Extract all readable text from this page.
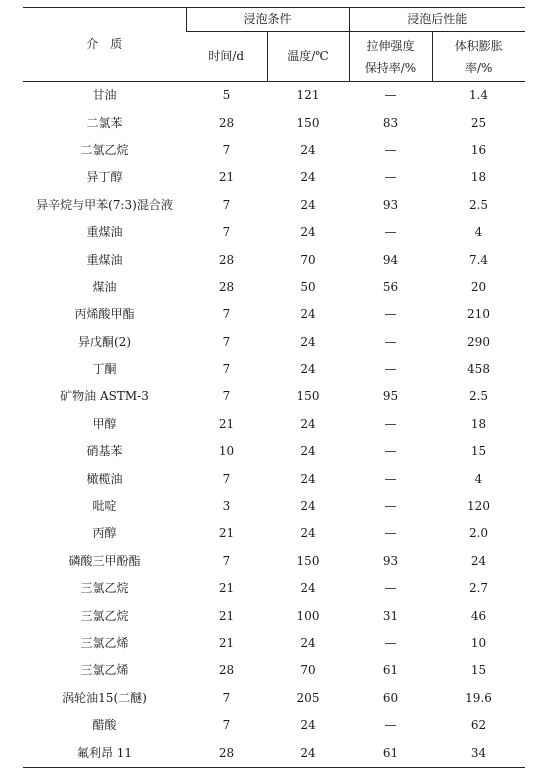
介　质	浸泡条件		浸泡后性能	
	时间/d	温度/℃	拉伸强度保持率/%	体积膨胀率/%
甘油	5	121	—	1.4
二氯苯	28	150	83	25
二氯乙烷	7	24	—	16
异丁醇	21	24	—	18
异辛烷与甲苯(7:3)混合液	7	24	93	2.5
重煤油	7	24	—	4
重煤油	28	70	94	7.4
煤油	28	50	56	20
丙烯酸甲酯	7	24	—	210
异戊酮(2)	7	24	—	290
丁酮	7	24	—	458
矿物油 ASTM-3	7	150	95	2.5
甲醇	21	24	—	18
硝基苯	10	24	—	15
橄榄油	7	24	—	4
吡啶	3	24	—	120
丙醇	21	24	—	2.0
磷酸三甲酚酯	7	150	93	24
三氯乙烷	21	24	—	2.7
三氯乙烷	21	100	31	46
三氯乙烯	21	24	—	10
三氯乙烯	28	70	61	15
涡轮油15(二醚)	7	205	60	19.6
醋酸	7	24	—	62
氟利昂 11	28	24	61	34
